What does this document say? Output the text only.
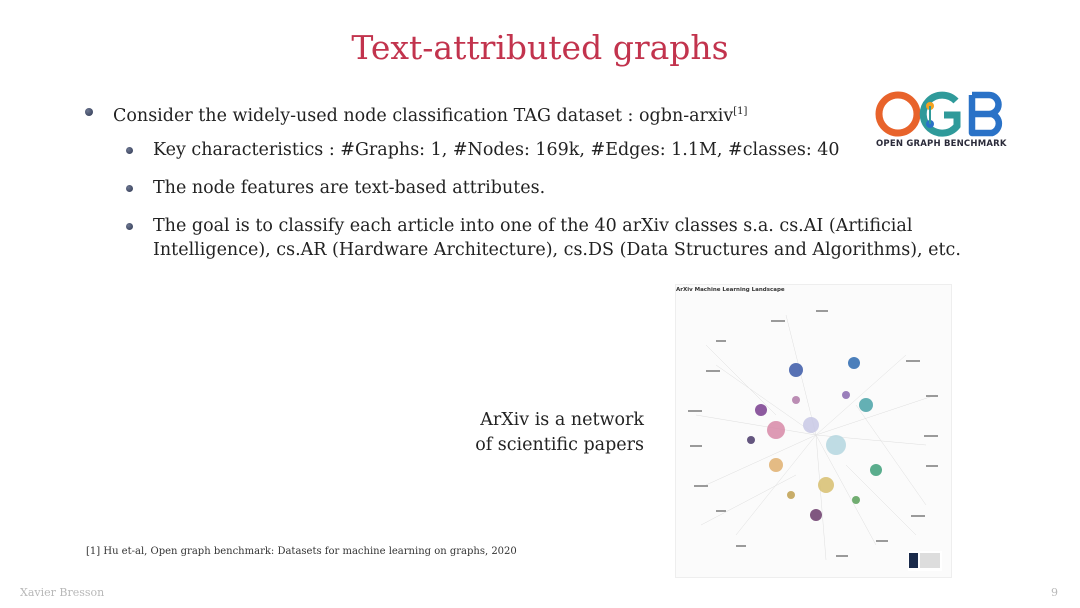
Text-attributed graphs
Consider the widely-used node classification TAG dataset : ogbn-arxiv[1]
Key characteristics : #Graphs: 1, #Nodes: 169k, #Edges: 1.1M, #classes: 40
The node features are text-based attributes.
The goal is to classify each article into one of the 40 arXiv classes s.a. cs.AI (Artificial
Intelligence), cs.AR (Hardware Architecture), cs.DS (Data Structures and Algorithms), etc.
OPEN GRAPH BENCHMARK
ArXiv is a network
of scientific papers
ArXiv Machine Learning Landscape
[1] Hu et-al, Open graph benchmark: Datasets for machine learning on graphs, 2020
Xavier Bresson	9
